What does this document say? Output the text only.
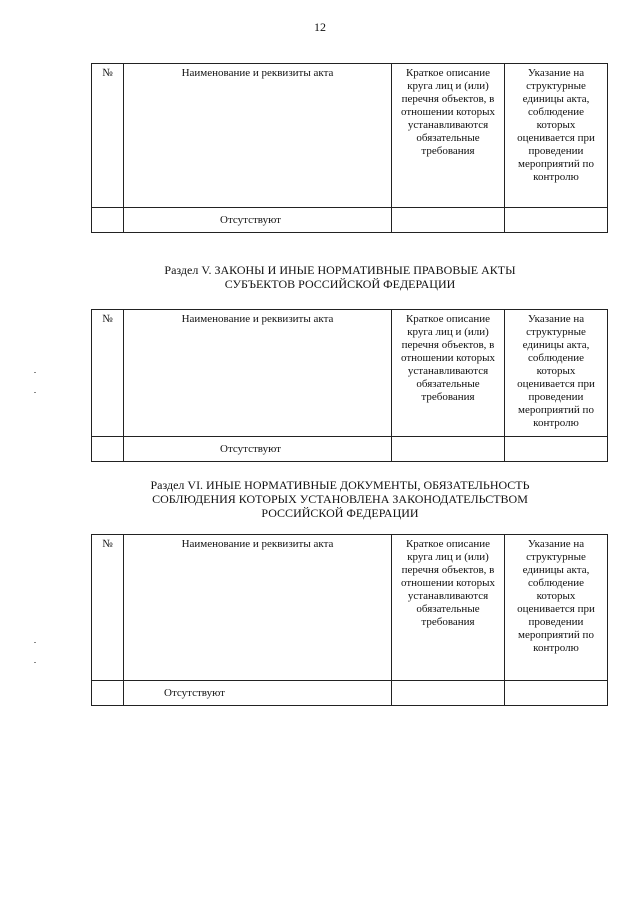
12
№	Наименование и реквизиты акта	Краткое описание круга лиц и (или) перечня объектов, в отношении которых устанавливаются обязательные требования	Указание на структурные единицы акта, соблюдение которых оценивается при проведении мероприятий по контролю
	Отсутствуют		
Раздел V. ЗАКОНЫ И ИНЫЕ НОРМАТИВНЫЕ ПРАВОВЫЕ АКТЫ
СУБЪЕКТОВ РОССИЙСКОЙ ФЕДЕРАЦИИ
№	Наименование и реквизиты акта	Краткое описание круга лиц и (или) перечня объектов, в отношении которых устанавливаются обязательные требования	Указание на структурные единицы акта, соблюдение которых оценивается при проведении мероприятий по контролю
	Отсутствуют		
Раздел VI. ИНЫЕ НОРМАТИВНЫЕ ДОКУМЕНТЫ, ОБЯЗАТЕЛЬНОСТЬ
СОБЛЮДЕНИЯ КОТОРЫХ УСТАНОВЛЕНА ЗАКОНОДАТЕЛЬСТВОМ
РОССИЙСКОЙ ФЕДЕРАЦИИ
№	Наименование и реквизиты акта	Краткое описание круга лиц и (или) перечня объектов, в отношении которых устанавливаются обязательные требования	Указание на структурные единицы акта, соблюдение которых оценивается при проведении мероприятий по контролю
	Отсутствуют		
